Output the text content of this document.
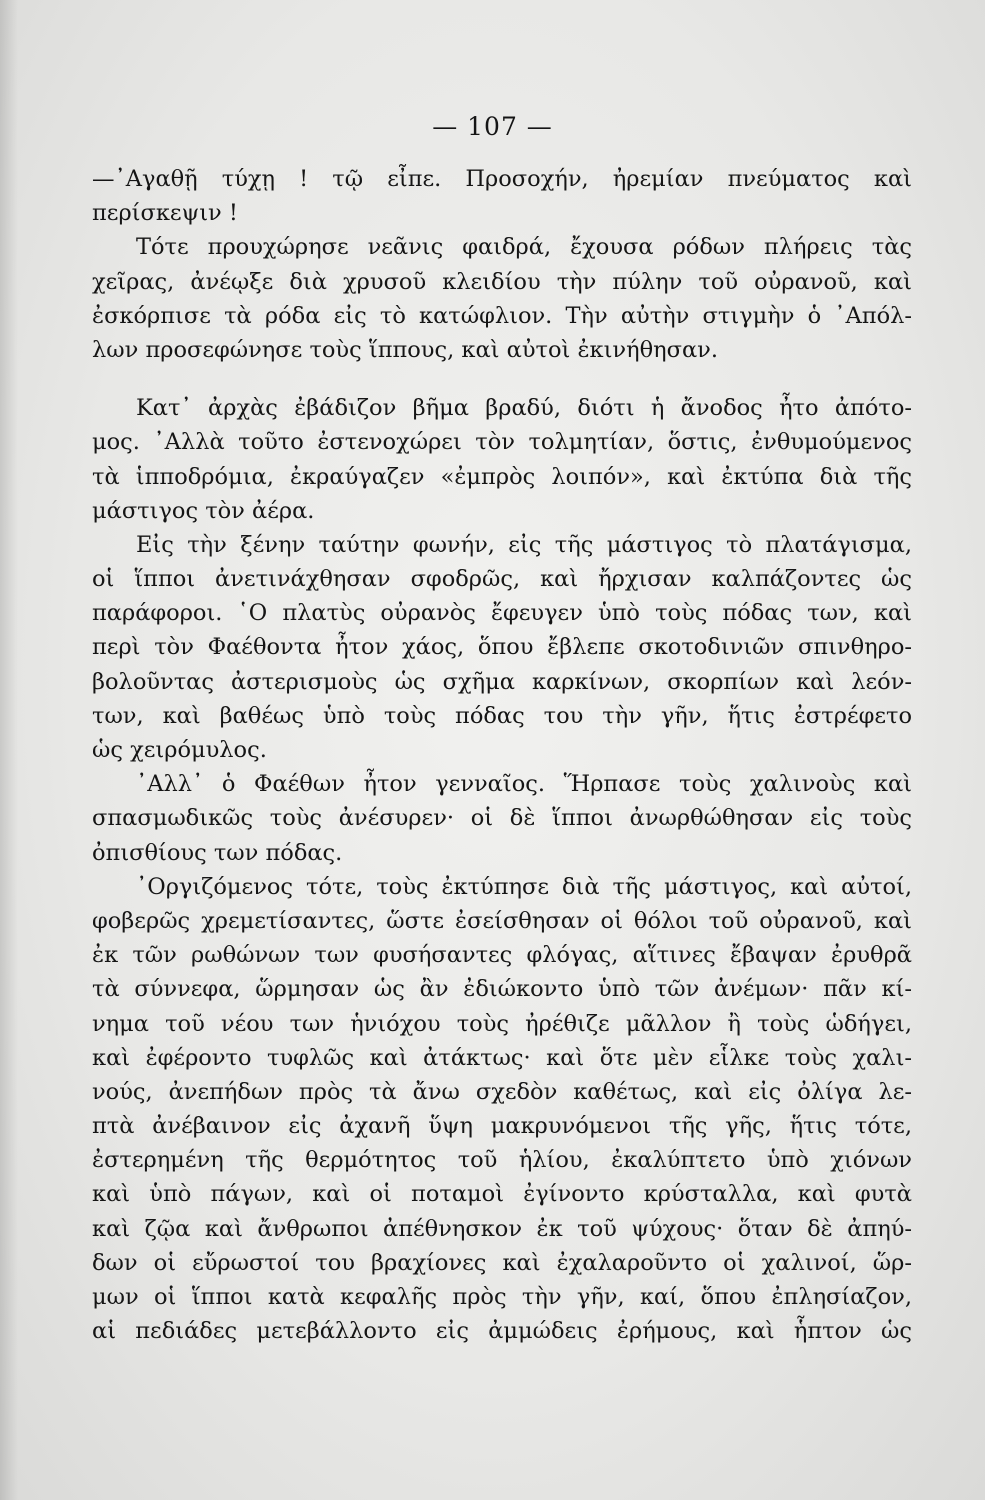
— 107 —
—᾿Αγαθῇ τύχῃ ! τῷ εἶπε. Προσοχήν, ἠρεμίαν πνεύματος καὶ
περίσκεψιν !
Τότε προυχώρησε νεᾶνις φαιδρά, ἔχουσα ρόδων πλήρεις τὰς
χεῖρας, ἀνέῳξε διὰ χρυσοῦ κλειδίου τὴν πύλην τοῦ οὐρανοῦ, καὶ
ἐσκόρπισε τὰ ρόδα εἰς τὸ κατώφλιον. Τὴν αὐτὴν στιγμὴν ὁ ᾿Απόλ-
λων προσεφώνησε τοὺς ἵππους, καὶ αὐτοὶ ἐκινήθησαν.
Κατ᾿ ἀρχὰς ἐβάδιζον βῆμα βραδύ, διότι ἡ ἄνοδος ἦτο ἀπότο-
μος. ᾿Αλλὰ τοῦτο ἐστενοχώρει τὸν τολμητίαν, ὅστις, ἐνθυμούμενος
τὰ ἱπποδρόμια, ἐκραύγαζεν «ἐμπρὸς λοιπόν», καὶ ἐκτύπα διὰ τῆς
μάστιγος τὸν ἀέρα.
Εἰς τὴν ξένην ταύτην φωνήν, εἰς τῆς μάστιγος τὸ πλατάγισμα,
οἱ ἵπποι ἀνετινάχθησαν σφοδρῶς, καὶ ἤρχισαν καλπάζοντες ὡς
παράφοροι. ῾Ο πλατὺς οὐρανὸς ἔφευγεν ὑπὸ τοὺς πόδας των, καὶ
περὶ τὸν Φαέθοντα ἦτον χάος, ὅπου ἔβλεπε σκοτοδινιῶν σπινθηρο-
βολοῦντας ἀστερισμοὺς ὡς σχῆμα καρκίνων, σκορπίων καὶ λεόν-
των, καὶ βαθέως ὑπὸ τοὺς πόδας του τὴν γῆν, ἥτις ἐστρέφετο
ὡς χειρόμυλος.
᾿Αλλ᾿ ὁ Φαέθων ἦτον γενναῖος. Ἥρπασε τοὺς χαλινοὺς καὶ
σπασμωδικῶς τοὺς ἀνέσυρεν· οἱ δὲ ἵπποι ἀνωρθώθησαν εἰς τοὺς
ὀπισθίους των πόδας.
᾿Οργιζόμενος τότε, τοὺς ἐκτύπησε διὰ τῆς μάστιγος, καὶ αὐτοί,
φοβερῶς χρεμετίσαντες, ὥστε ἐσείσθησαν οἱ θόλοι τοῦ οὐρανοῦ, καὶ
ἐκ τῶν ρωθώνων των φυσήσαντες φλόγας, αἵτινες ἔβαψαν ἐρυθρᾶ
τὰ σύννεφα, ὥρμησαν ὡς ἂν ἐδιώκοντο ὑπὸ τῶν ἀνέμων· πᾶν κί-
νημα τοῦ νέου των ἡνιόχου τοὺς ἠρέθιζε μᾶλλον ἢ τοὺς ὡδήγει,
καὶ ἐφέροντο τυφλῶς καὶ ἀτάκτως· καὶ ὅτε μὲν εἷλκε τοὺς χαλι-
νούς, ἀνεπήδων πρὸς τὰ ἄνω σχεδὸν καθέτως, καὶ εἰς ὀλίγα λε-
πτὰ ἀνέβαινον εἰς ἀχανῆ ὕψη μακρυνόμενοι τῆς γῆς, ἥτις τότε,
ἐστερημένη τῆς θερμότητος τοῦ ἡλίου, ἐκαλύπτετο ὑπὸ χιόνων
καὶ ὑπὸ πάγων, καὶ οἱ ποταμοὶ ἐγίνοντο κρύσταλλα, καὶ φυτὰ
καὶ ζῷα καὶ ἄνθρωποι ἀπέθνησκον ἐκ τοῦ ψύχους· ὅταν δὲ ἀπηύ-
δων οἱ εὔρωστοί του βραχίονες καὶ ἐχαλαροῦντο οἱ χαλινοί, ὥρ-
μων οἱ ἵπποι κατὰ κεφαλῆς πρὸς τὴν γῆν, καί, ὅπου ἐπλησίαζον,
αἱ πεδιάδες μετεβάλλοντο εἰς ἀμμώδεις ἐρήμους, καὶ ἧπτον ὡς
